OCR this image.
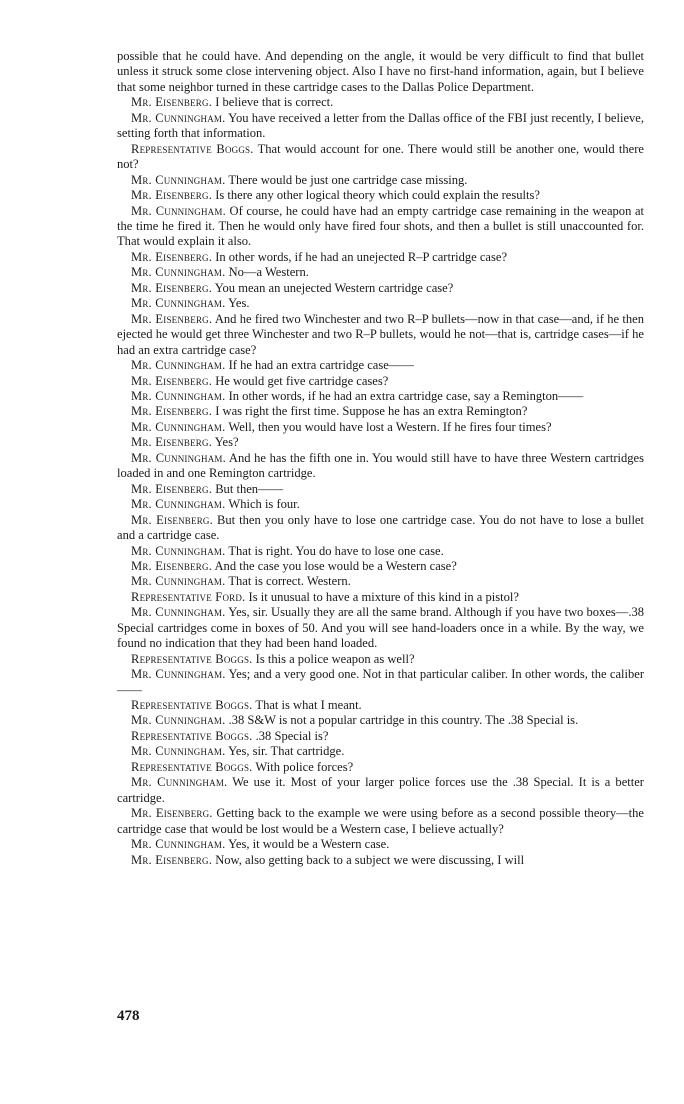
possible that he could have. And depending on the angle, it would be very difficult to find that bullet unless it struck some close intervening object. Also I have no first-hand information, again, but I believe that some neighbor turned in these cartridge cases to the Dallas Police Department.

Mr. Eisenberg. I believe that is correct.

Mr. Cunningham. You have received a letter from the Dallas office of the FBI just recently, I believe, setting forth that information.

Representative Boggs. That would account for one. There would still be another one, would there not?

Mr. Cunningham. There would be just one cartridge case missing.

Mr. Eisenberg. Is there any other logical theory which could explain the results?

Mr. Cunningham. Of course, he could have had an empty cartridge case remaining in the weapon at the time he fired it. Then he would only have fired four shots, and then a bullet is still unaccounted for. That would explain it also.

Mr. Eisenberg. In other words, if he had an unejected R–P cartridge case?

Mr. Cunningham. No—a Western.

Mr. Eisenberg. You mean an unejected Western cartridge case?

Mr. Cunningham. Yes.

Mr. Eisenberg. And he fired two Winchester and two R–P bullets—now in that case—and, if he then ejected he would get three Winchester and two R–P bullets, would he not—that is, cartridge cases—if he had an extra cartridge case?

Mr. Cunningham. If he had an extra cartridge case——

Mr. Eisenberg. He would get five cartridge cases?

Mr. Cunningham. In other words, if he had an extra cartridge case, say a Remington——

Mr. Eisenberg. I was right the first time. Suppose he has an extra Remington?

Mr. Cunningham. Well, then you would have lost a Western. If he fires four times?

Mr. Eisenberg. Yes?

Mr. Cunningham. And he has the fifth one in. You would still have to have three Western cartridges loaded in and one Remington cartridge.

Mr. Eisenberg. But then——

Mr. Cunningham. Which is four.

Mr. Eisenberg. But then you only have to lose one cartridge case. You do not have to lose a bullet and a cartridge case.

Mr. Cunningham. That is right. You do have to lose one case.

Mr. Eisenberg. And the case you lose would be a Western case?

Mr. Cunningham. That is correct. Western.

Representative Ford. Is it unusual to have a mixture of this kind in a pistol?

Mr. Cunningham. Yes, sir. Usually they are all the same brand. Although if you have two boxes—.38 Special cartridges come in boxes of 50. And you will see hand-loaders once in a while. By the way, we found no indication that they had been hand loaded.

Representative Boggs. Is this a police weapon as well?

Mr. Cunningham. Yes; and a very good one. Not in that particular caliber. In other words, the caliber——

Representative Boggs. That is what I meant.

Mr. Cunningham. .38 S&W is not a popular cartridge in this country. The .38 Special is.

Representative Boggs. .38 Special is?

Mr. Cunningham. Yes, sir. That cartridge.

Representative Boggs. With police forces?

Mr. Cunningham. We use it. Most of your larger police forces use the .38 Special. It is a better cartridge.

Mr. Eisenberg. Getting back to the example we were using before as a second possible theory—the cartridge case that would be lost would be a Western case, I believe actually?

Mr. Cunningham. Yes, it would be a Western case.

Mr. Eisenberg. Now, also getting back to a subject we were discussing, I will

478
